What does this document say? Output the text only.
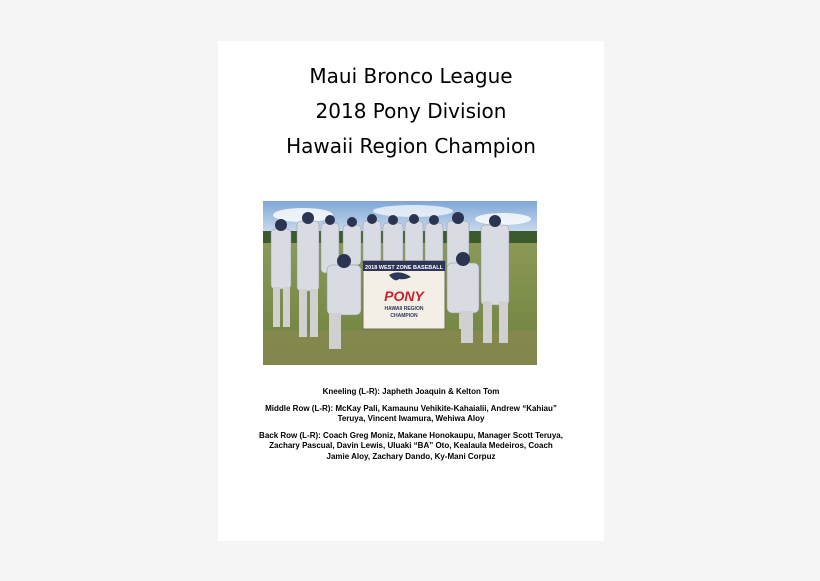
Maui Bronco League
2018 Pony Division
Hawaii Region Champion
2018 WEST ZONE BASEBALL
PONY
HAWAII REGION
CHAMPION
Kneeling (L-R): Japheth Joaquin & Kelton Tom
Middle Row (L-R): McKay Pali, Kamaunu Vehikite-Kahaialii, Andrew “Kahiau”
Teruya, Vincent Iwamura, Wehiwa Aloy
Back Row (L-R): Coach Greg Moniz, Makane Honokaupu, Manager Scott Teruya,
Zachary Pascual, Davin Lewis, Uluaki “BA” Oto, Kealaula Medeiros, Coach
Jamie Aloy, Zachary Dando, Ky-Mani Corpuz
